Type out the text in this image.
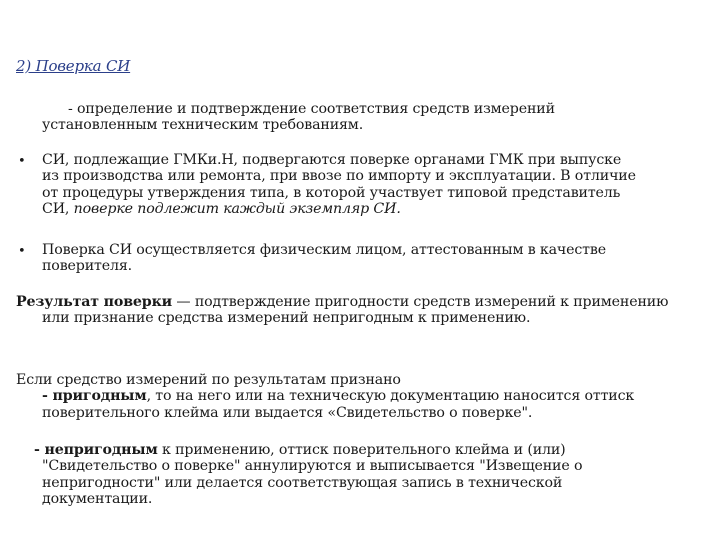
2) Поверка СИ
- определение и подтверждение соответствия средств измерений
установленным техническим требованиям.
• СИ, подлежащие ГМКи.Н, подвергаются поверке органами ГМК при выпуске из производства или ремонта, при ввозе по импорту и эксплуатации. В отличие от процедуры утверждения типа, в которой участвует типовой представитель СИ, поверке подлежит каждый экземпляр СИ.
• Поверка СИ осуществляется физическим лицом, аттестованным в качестве поверителя.
Результат поверки — подтверждение пригодности средств измерений к применению или признание средства измерений непригодным к применению.
Если средство измерений по результатам признано
- пригодным, то на него или на техническую документацию наносится оттиск поверительного клейма или выдается «Свидетельство о поверке".
- непригодным к применению, оттиск поверительного клейма и (или) "Свидетельство о поверке" аннулируются и выписывается "Извещение о непригодности" или делается соответствующая запись в технической документации.
